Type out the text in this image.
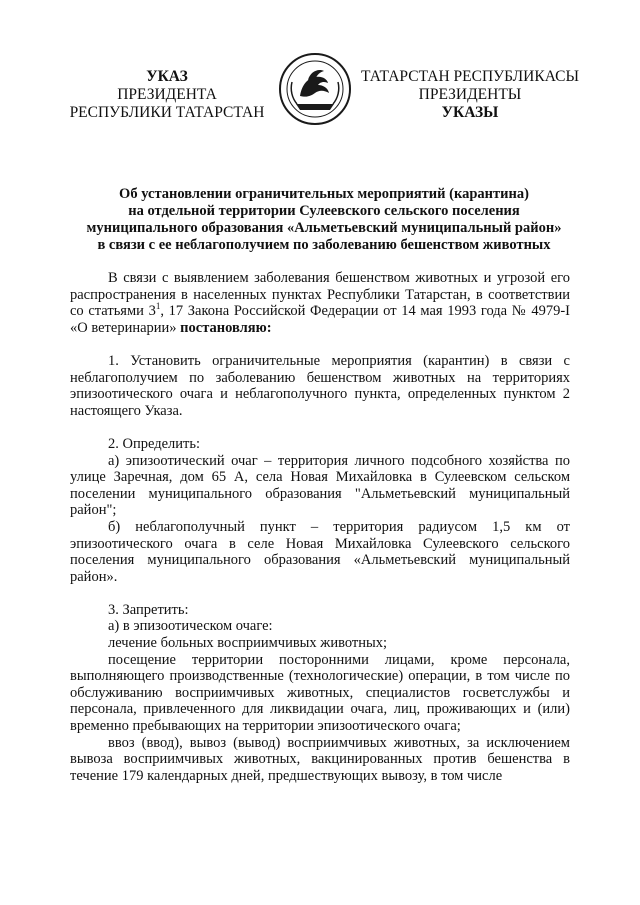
УКАЗ
ПРЕЗИДЕНТА
РЕСПУБЛИКИ ТАТАРСТАН
ТАТАРСТАН РЕСПУБЛИКАСЫ
ПРЕЗИДЕНТЫ
УКАЗЫ
Об установлении ограничительных мероприятий (карантина)
на отдельной территории Сулеевского сельского поселения
муниципального образования «Альметьевский муниципальный район»
в связи с ее неблагополучием по заболеванию бешенством животных

В связи с выявлением заболевания бешенством животных и угрозой его распространения в населенных пунктах Республики Татарстан, в соответствии со статьями $3^1$, 17 Закона Российской Федерации от 14 мая 1993 года № 4979-I «О ветеринарии» постановляю:

1. Установить ограничительные мероприятия (карантин) в связи с неблагополучием по заболеванию бешенством животных на территориях эпизоотического очага и неблагополучного пункта, определенных пунктом 2 настоящего Указа.

2. Определить:

а) эпизоотический очаг – территория личного подсобного хозяйства по улице Заречная, дом 65 А, села Новая Михайловка в Сулеевском сельском поселении муниципального образования "Альметьевский муниципальный район";

б) неблагополучный пункт – территория радиусом 1,5 км от эпизоотического очага в селе Новая Михайловка Сулеевского сельского поселения муниципального образования «Альметьевский муниципальный район».

3. Запретить:

а) в эпизоотическом очаге:

лечение больных восприимчивых животных;

посещение территории посторонними лицами, кроме персонала, выполняющего производственные (технологические) операции, в том числе по обслуживанию восприимчивых животных, специалистов госветслужбы и персонала, привлеченного для ликвидации очага, лиц, проживающих и (или) временно пребывающих на территории эпизоотического очага;

ввоз (ввод), вывоз (вывод) восприимчивых животных, за исключением вывоза восприимчивых животных, вакцинированных против бешенства в течение 179 календарных дней, предшествующих вывозу, в том числе
